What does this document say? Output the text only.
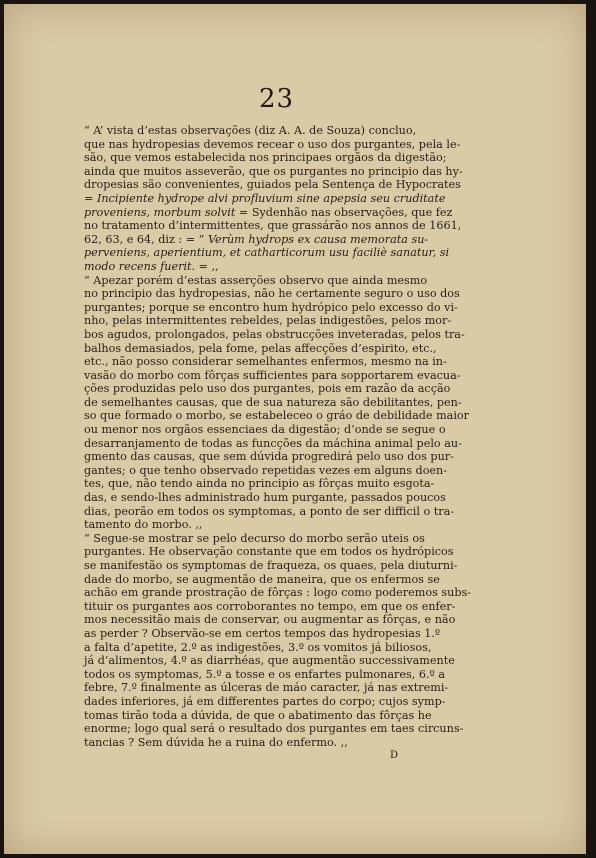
23

“ A’ vista d’estas observações (diz A. A. de Souza) concluo,
que nas hydropesias devemos recear o uso dos purgantes, pela le-
são, que vemos estabelecida nos principaes orgãos da digestão;
ainda que muitos asseverão, que os purgantes no principio das hy-
dropesias são convenientes, guiados pela Sentença de Hypocrates
= Incipiente hydrope alvi profluvium sine apepsia seu cruditate
proveniens, morbum solvit = Sydenhão nas observações, que fez
no tratamento d’intermittentes, que grassárão nos annos de 1661,
62, 63, e 64, diz : = “ Verùm hydrops ex causa memorata su-
perveniens, aperientium, et catharticorum usu faciliè sanatur, si
modo recens fuerit. = ,,

“ Apezar porém d’estas asserções observo que ainda mesmo
no principio das hydropesias, não he certamente seguro o uso dos
purgantes; porque se encontro hum hydrópico pelo excesso do vi-
nho, pelas intermittentes rebeldes, pelas indigestões, pelos mor-
bos agudos, prolongados, pelas obstrucções inveteradas, pelos tra-
balhos demasiados, pela fome, pelas affecções d’espirito, etc.,
etc., não posso considerar semelhantes enfermos, mesmo na in-
vasão do morbo com fôrças sufficientes para sopportarem evacua-
ções produzidas pelo uso dos purgantes, pois em razão da acção
de semelhantes causas, que de sua natureza são debilitantes, pen-
so que formado o morbo, se estabeleceo o gráo de debilidade maior
ou menor nos orgãos essenciaes da digestão; d’onde se segue o
desarranjamento de todas as funcções da máchina animal pelo au-
gmento das causas, que sem dúvida progredirá pelo uso dos pur-
gantes; o que tenho observado repetidas vezes em alguns doen-
tes, que, não tendo ainda no principio as fôrças muito esgota-
das, e sendo-lhes administrado hum purgante, passados poucos
dias, peorão em todos os symptomas, a ponto de ser difficil o tra-
tamento do morbo. ,,

“ Segue-se mostrar se pelo decurso do morbo serão uteis os
purgantes. He observação constante que em todos os hydrópicos
se manifestão os symptomas de fraqueza, os quaes, pela diuturni-
dade do morbo, se augmentão de maneira, que os enfermos se
achão em grande prostração de fôrças : logo como poderemos subs-
tituir os purgantes aos corroborantes no tempo, em que os enfer-
mos necessitão mais de conservar, ou augmentar as fôrças, e não
as perder ? Observão-se em certos tempos das hydropesias 1.º
a falta d’apetite, 2.º as indigestões, 3.º os vomitos já biliosos,
já d’alimentos, 4.º as diarrhéas, que augmentão successivamente
todos os symptomas, 5.º a tosse e os enfartes pulmonares, 6.º a
febre, 7.º finalmente as úlceras de máo caracter, já nas extremi-
dades inferiores, já em differentes partes do corpo; cujos symp-
tomas tirão toda a dúvida, de que o abatimento das fôrças he
enorme; logo qual será o resultado dos purgantes em taes circuns-
tancias ? Sem dúvida he a ruina do enfermo. ,,

D
